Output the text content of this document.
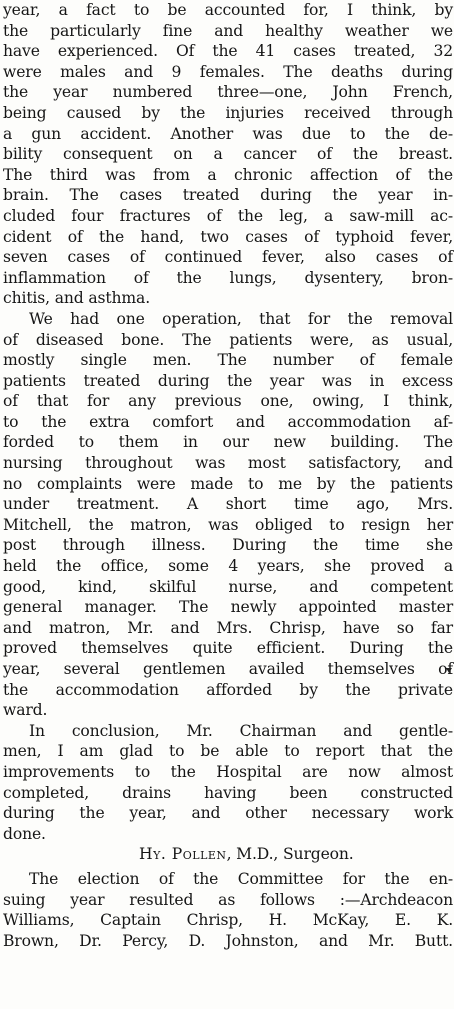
year, a fact to be accounted for, I think, by
the particularly fine and healthy weather we
have experienced. Of the 41 cases treated, 32
were males and 9 females. The deaths during
the year numbered three—one, John French,
being caused by the injuries received through
a gun accident. Another was due to the de-
bility consequent on a cancer of the breast.
The third was from a chronic affection of the
brain. The cases treated during the year in-
cluded four fractures of the leg, a saw-mill ac-
cident of the hand, two cases of typhoid fever,
seven cases of continued fever, also cases of
inflammation of the lungs, dysentery, bron-
chitis, and asthma.
We had one operation, that for the removal
of diseased bone. The patients were, as usual,
mostly single men. The number of female
patients treated during the year was in excess
of that for any previous one, owing, I think,
to the extra comfort and accommodation af-
forded to them in our new building. The
nursing throughout was most satisfactory, and
no complaints were made to me by the patients
under treatment. A short time ago, Mrs.
Mitchell, the matron, was obliged to resign her
post through illness. During the time she
held the office, some 4 years, she proved a
good, kind, skilful nurse, and competent
general manager. The newly appointed master
and matron, Mr. and Mrs. Chrisp, have so far
proved themselves quite efficient. During the
year, several gentlemen availed themselves of
the accommodation afforded by the private
ward.
In conclusion, Mr. Chairman and gentle-
men, I am glad to be able to report that the
improvements to the Hospital are now almost
completed, drains having been constructed
during the year, and other necessary work
done.
Hy. Pollen, M.D., Surgeon.
The election of the Committee for the en-
suing year resulted as follows :—Archdeacon
Williams, Captain Chrisp, H. McKay, E. K.
Brown, Dr. Percy, D. Johnston, and Mr. Butt.
